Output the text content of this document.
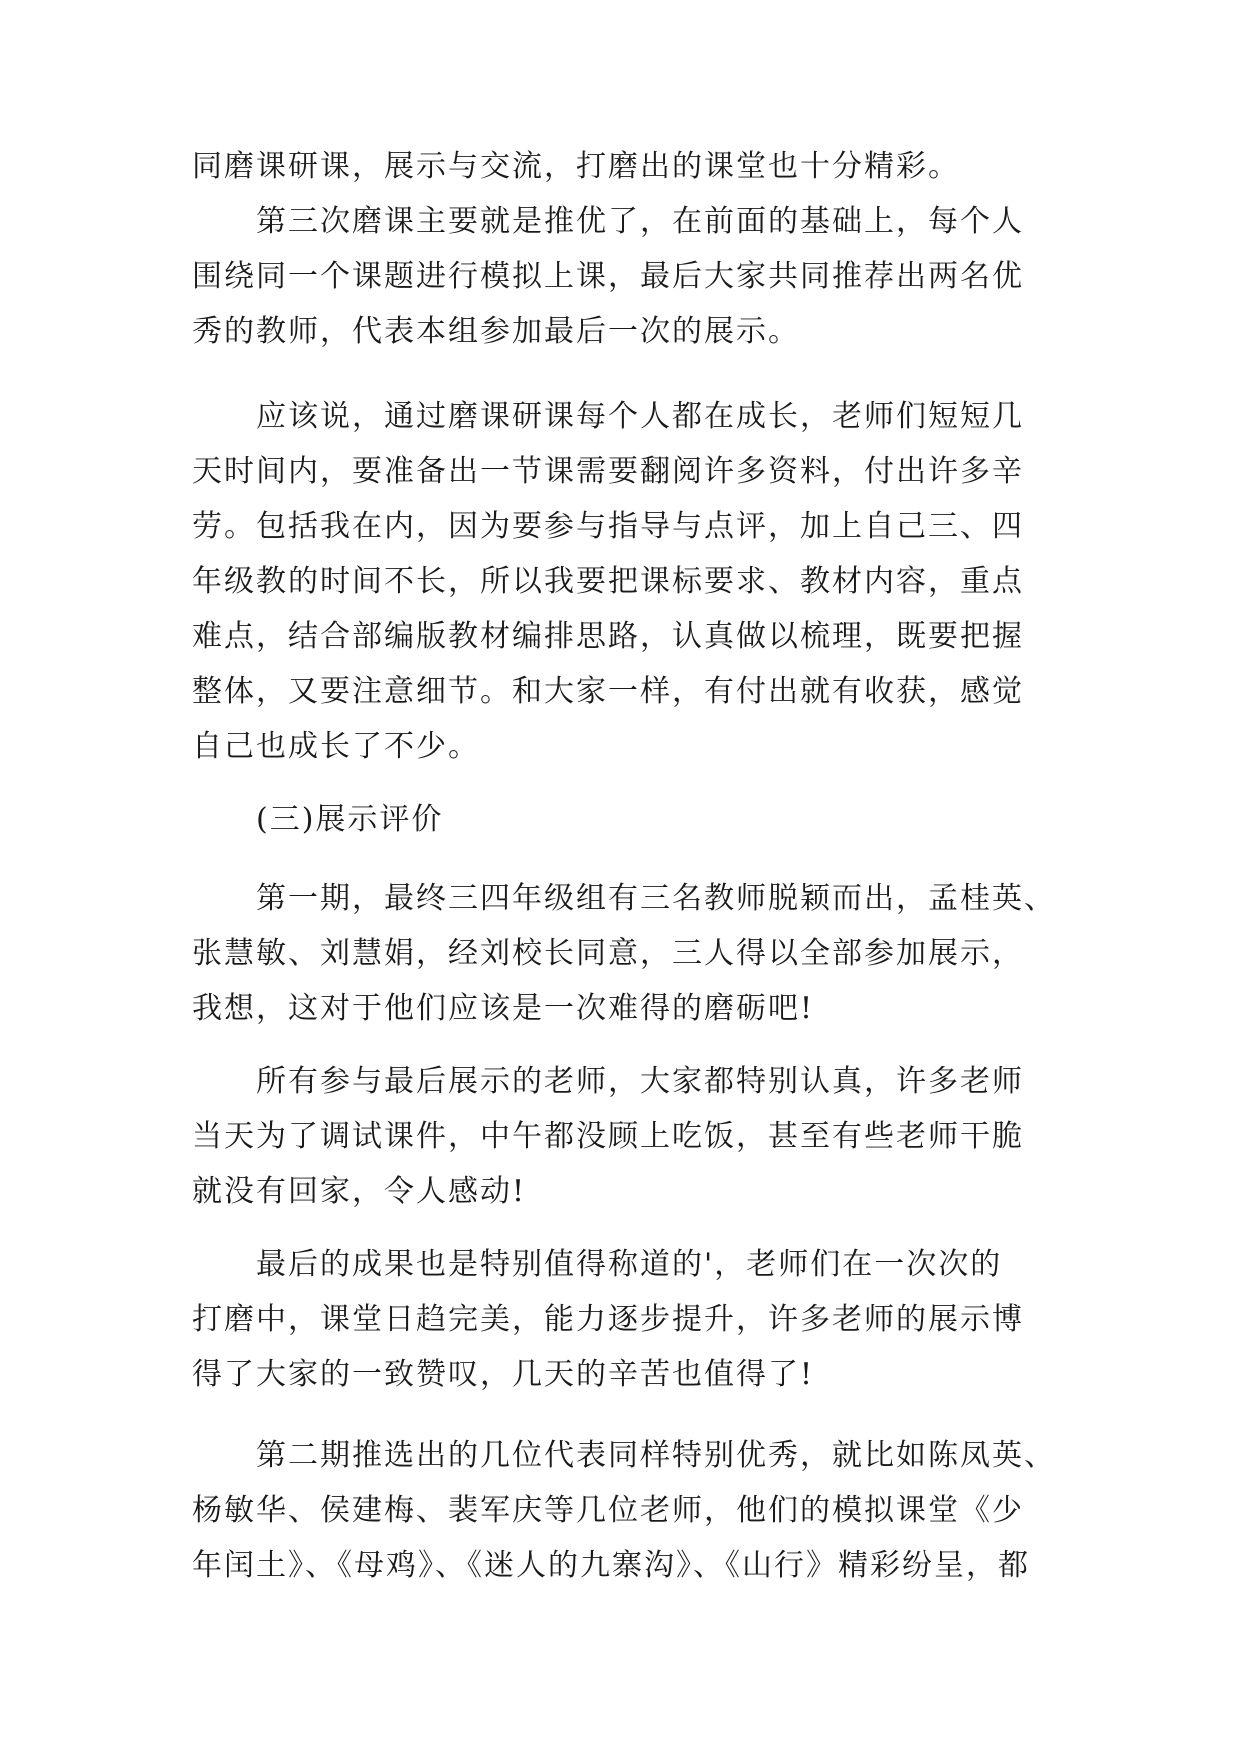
同磨课研课，展示与交流，打磨出的课堂也十分精彩。
　　第三次磨课主要就是推优了，在前面的基础上，每个人
围绕同一个课题进行模拟上课，最后大家共同推荐出两名优
秀的教师，代表本组参加最后一次的展示。
　　应该说，通过磨课研课每个人都在成长，老师们短短几
天时间内，要准备出一节课需要翻阅许多资料，付出许多辛
劳。包括我在内，因为要参与指导与点评，加上自己三、四
年级教的时间不长，所以我要把课标要求、教材内容，重点
难点，结合部编版教材编排思路，认真做以梳理，既要把握
整体，又要注意细节。和大家一样，有付出就有收获，感觉
自己也成长了不少。
　　(三)展示评价
　　第一期，最终三四年级组有三名教师脱颖而出，孟桂英、
张慧敏、刘慧娟，经刘校长同意，三人得以全部参加展示，
我想，这对于他们应该是一次难得的磨砺吧!
　　所有参与最后展示的老师，大家都特别认真，许多老师
当天为了调试课件，中午都没顾上吃饭，甚至有些老师干脆
就没有回家，令人感动!
　　最后的成果也是特别值得称道的'，老师们在一次次的
打磨中，课堂日趋完美，能力逐步提升，许多老师的展示博
得了大家的一致赞叹，几天的辛苦也值得了!
　　第二期推选出的几位代表同样特别优秀，就比如陈凤英、
杨敏华、侯建梅、裴军庆等几位老师，他们的模拟课堂《少
年闰土》、《母鸡》、《迷人的九寨沟》、《山行》精彩纷呈，都
